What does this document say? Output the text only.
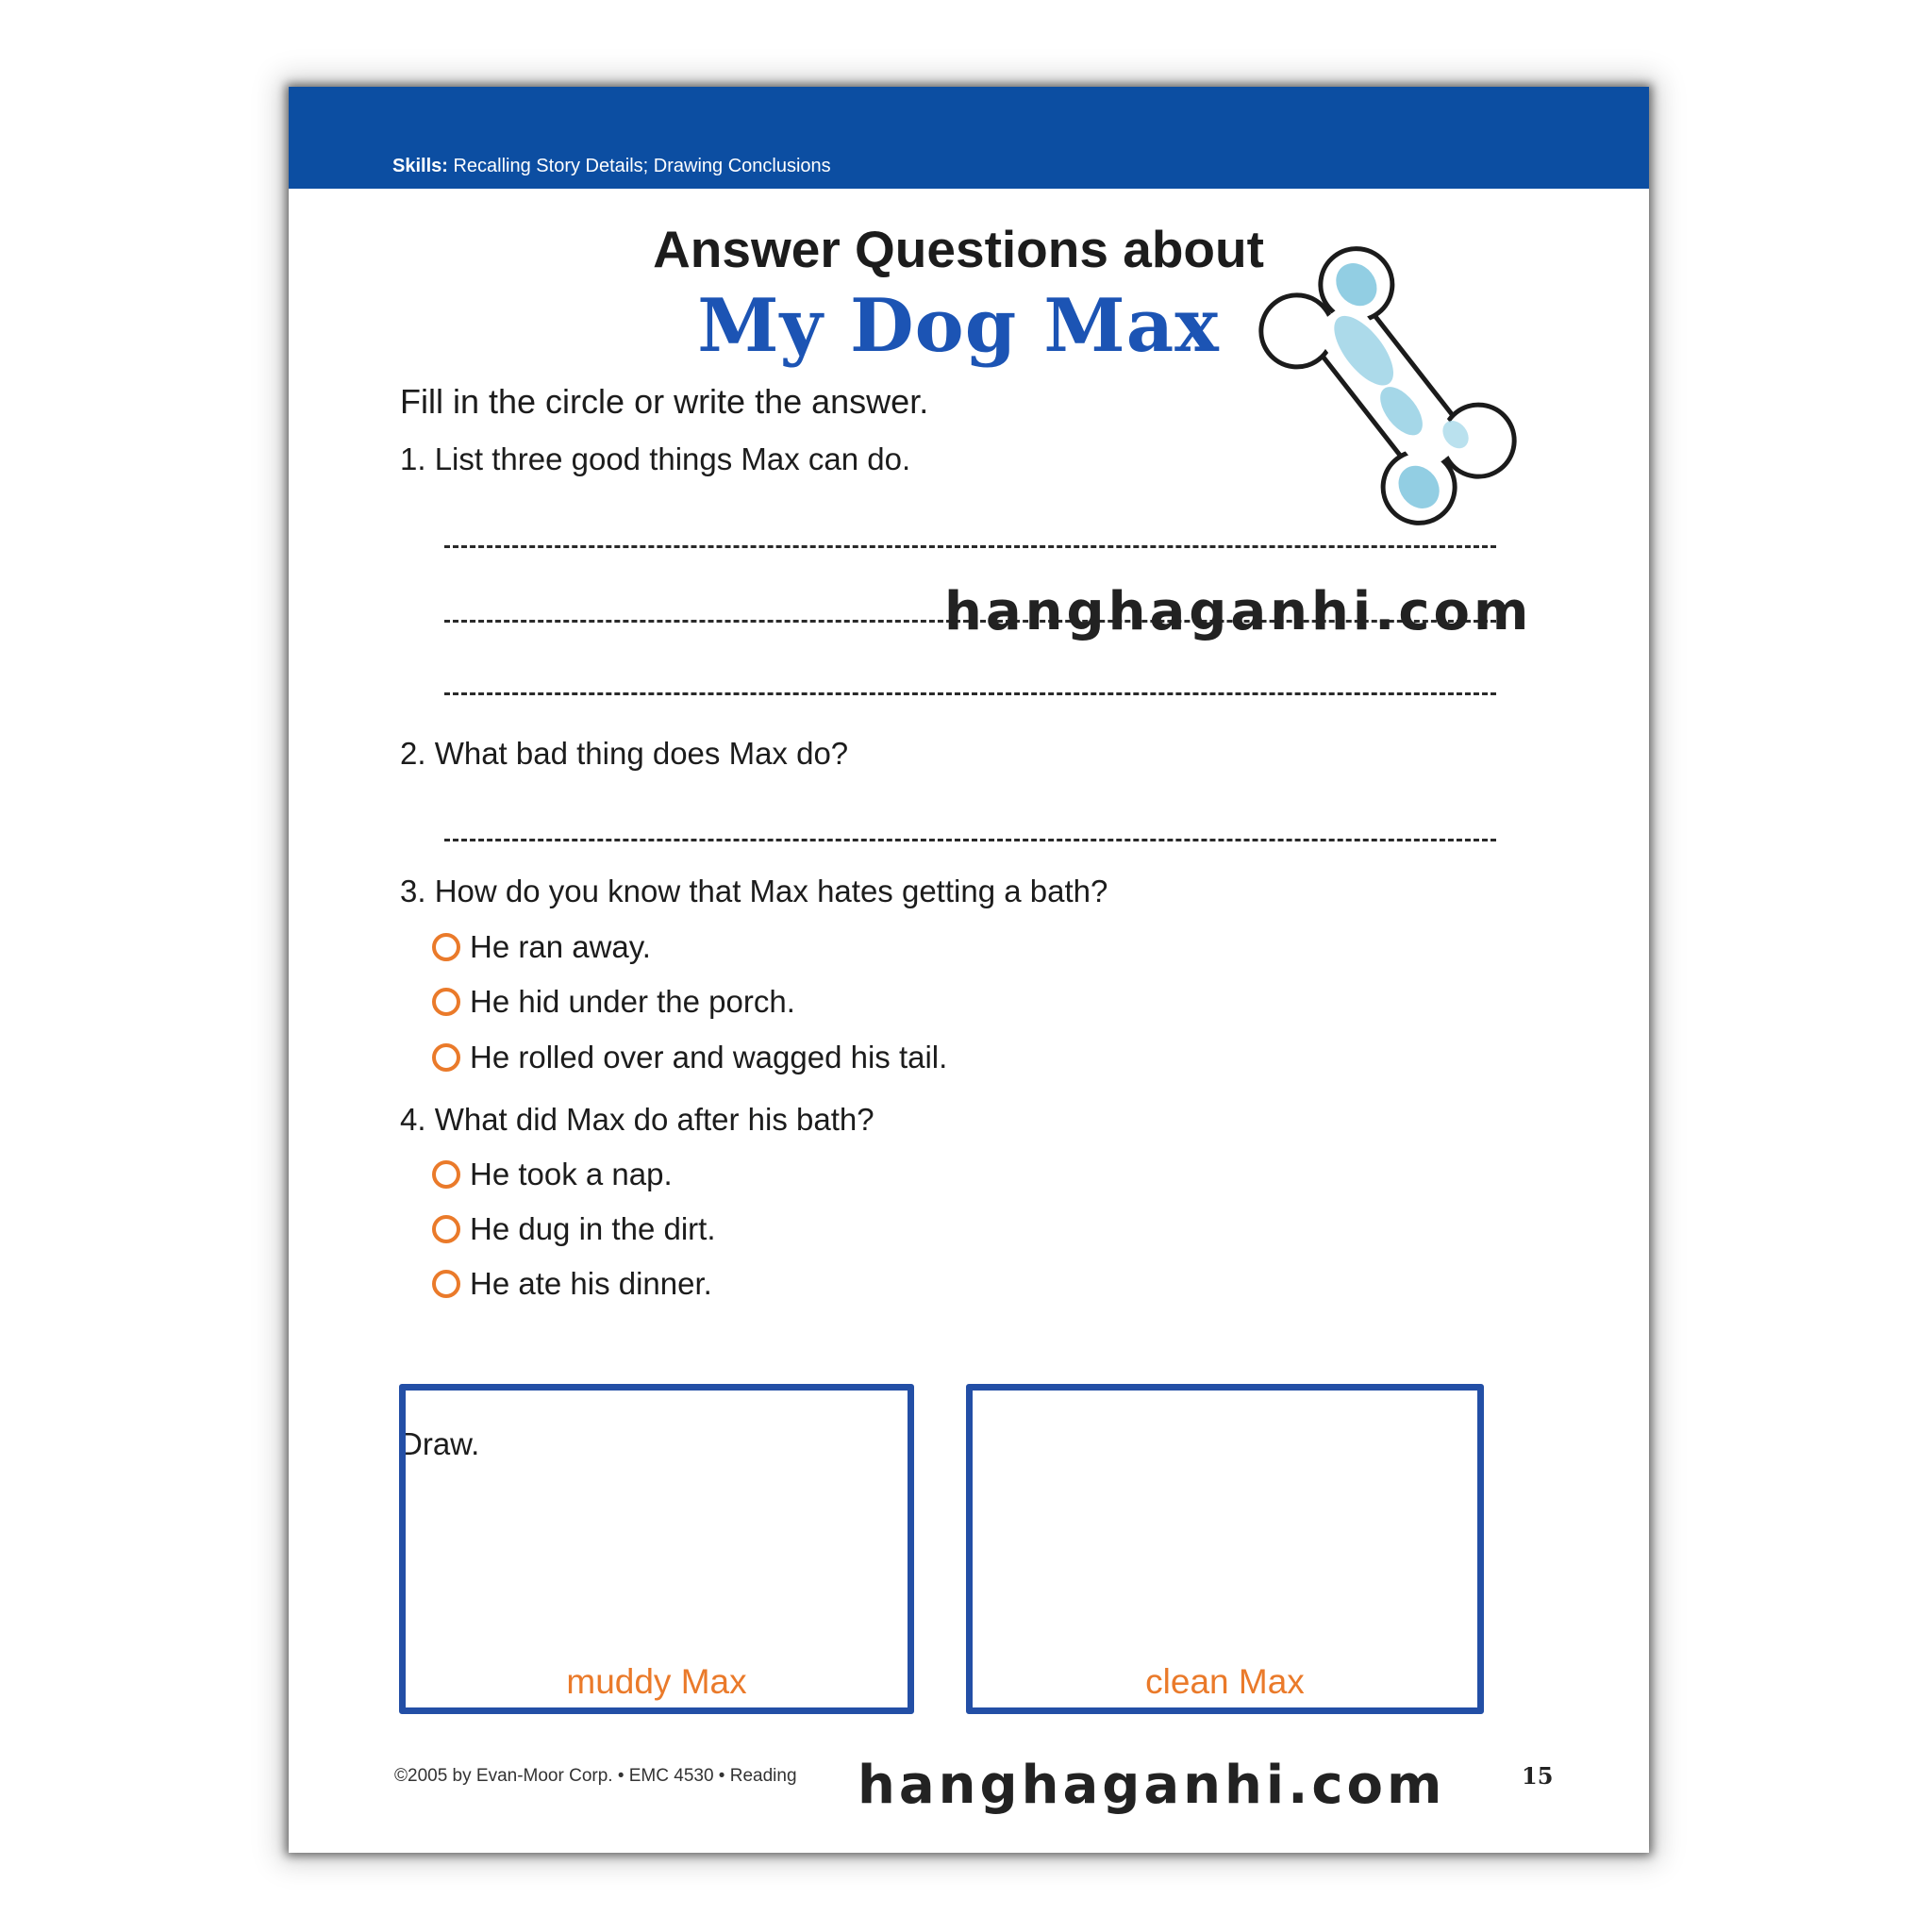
Skills: Recalling Story Details; Drawing Conclusions
Answer Questions about
My Dog Max
Fill in the circle or write the answer.
1. List three good things Max can do.
2. What bad thing does Max do?
3. How do you know that Max hates getting a bath?
He ran away.
He hid under the porch.
He rolled over and wagged his tail.
4. What did Max do after his bath?
He took a nap.
He dug in the dirt.
He ate his dinner.
Draw.
muddy Max	clean Max
©2005 by Evan-Moor Corp. • EMC 4530 • Reading	15
hanghaganhi.com
hanghaganhi.com
